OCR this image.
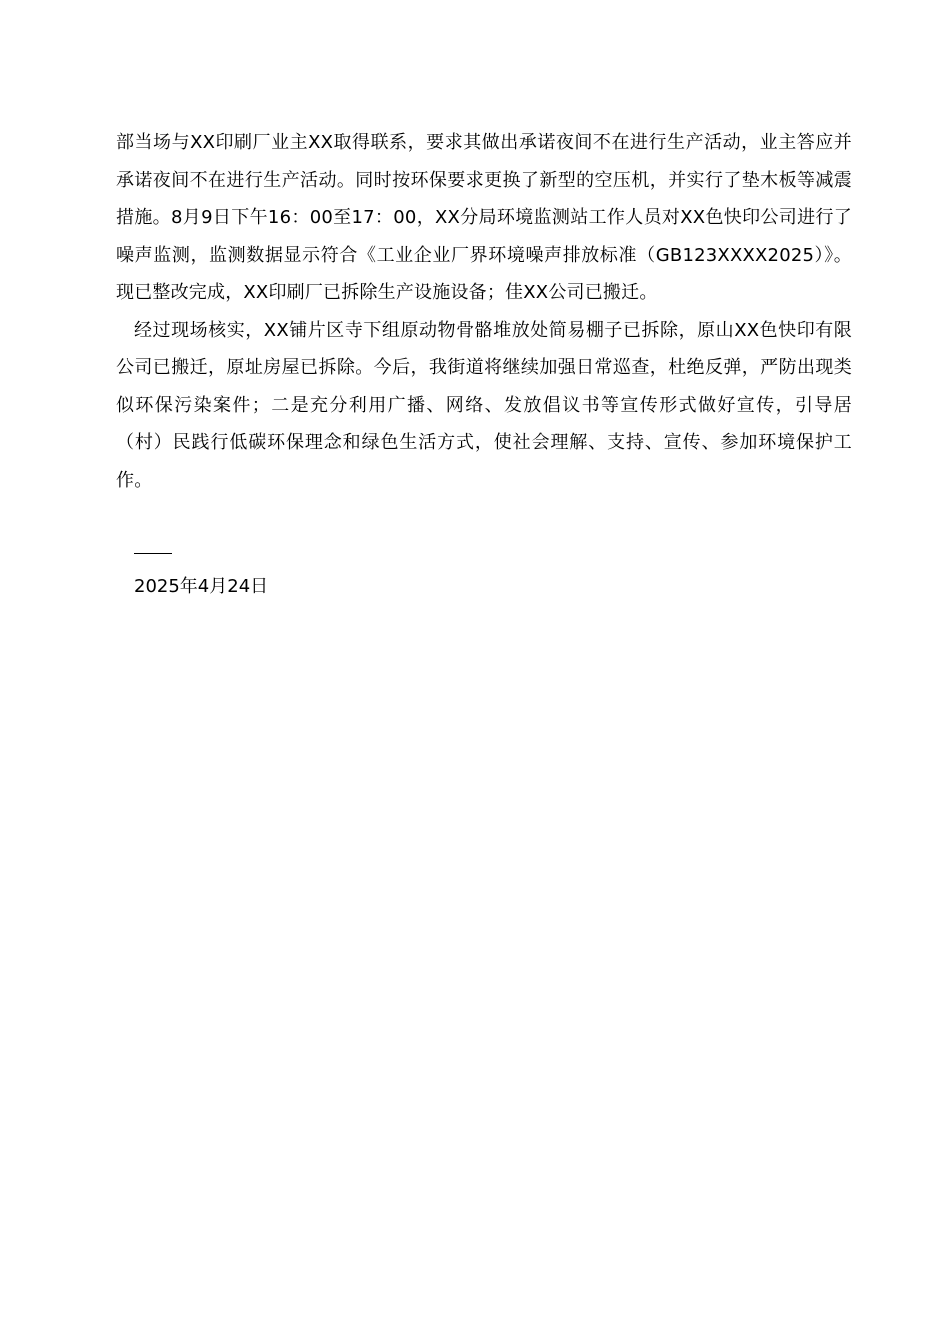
部当场与XX印刷厂业主XX取得联系，要求其做出承诺夜间不在进行生产活动，业主答应并承诺夜间不在进行生产活动。同时按环保要求更换了新型的空压机，并实行了垫木板等减震措施。8月9日下午16：00至17：00，XX分局环境监测站工作人员对XX色快印公司进行了噪声监测，监测数据显示符合《工业企业厂界环境噪声排放标准（GB123XXXX2025）》。现已整改完成，XX印刷厂已拆除生产设施设备；佳XX公司已搬迁。

经过现场核实，XX铺片区寺下组原动物骨骼堆放处简易棚子已拆除，原山XX色快印有限公司已搬迁，原址房屋已拆除。今后，我街道将继续加强日常巡查，杜绝反弹，严防出现类似环保污染案件；二是充分利用广播、网络、发放倡议书等宣传形式做好宣传，引导居（村）民践行低碳环保理念和绿色生活方式，使社会理解、支持、宣传、参加环境保护工作。

2025年4月24日
